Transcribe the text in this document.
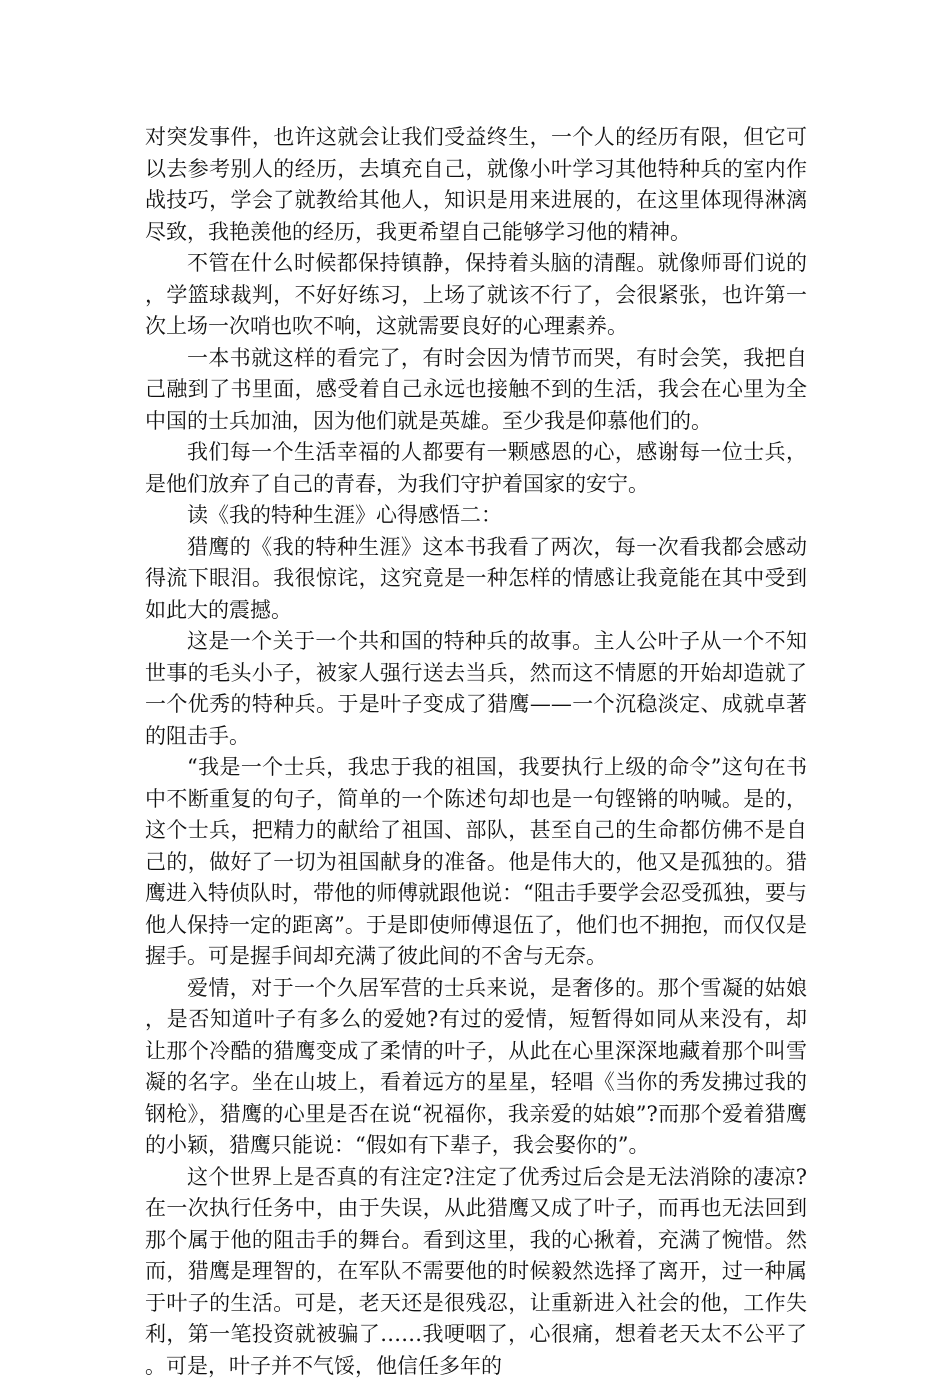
对突发事件，也许这就会让我们受益终生，一个人的经历有限，但它可以去参考别人的经历，去填充自己，就像小叶学习其他特种兵的室内作战技巧，学会了就教给其他人，知识是用来进展的，在这里体现得淋漓尽致，我艳羡他的经历，我更希望自己能够学习他的精神。

不管在什么时候都保持镇静，保持着头脑的清醒。就像师哥们说的，学篮球裁判，不好好练习，上场了就该不行了，会很紧张，也许第一次上场一次哨也吹不响，这就需要良好的心理素养。

一本书就这样的看完了，有时会因为情节而哭，有时会笑，我把自己融到了书里面，感受着自己永远也接触不到的生活，我会在心里为全中国的士兵加油，因为他们就是英雄。至少我是仰慕他们的。

我们每一个生活幸福的人都要有一颗感恩的心，感谢每一位士兵，是他们放弃了自己的青春，为我们守护着国家的安宁。

读《我的特种生涯》心得感悟二：

猎鹰的《我的特种生涯》这本书我看了两次，每一次看我都会感动得流下眼泪。我很惊诧，这究竟是一种怎样的情感让我竟能在其中受到如此大的震撼。

这是一个关于一个共和国的特种兵的故事。主人公叶子从一个不知世事的毛头小子，被家人强行送去当兵，然而这不情愿的开始却造就了一个优秀的特种兵。于是叶子变成了猎鹰——一个沉稳淡定、成就卓著的阻击手。

“我是一个士兵，我忠于我的祖国，我要执行上级的命令”这句在书中不断重复的句子，简单的一个陈述句却也是一句铿锵的呐喊。是的，这个士兵，把精力的献给了祖国、部队，甚至自己的生命都仿佛不是自己的，做好了一切为祖国献身的准备。他是伟大的，他又是孤独的。猎鹰进入特侦队时，带他的师傅就跟他说：“阻击手要学会忍受孤独，要与他人保持一定的距离”。于是即使师傅退伍了，他们也不拥抱，而仅仅是握手。可是握手间却充满了彼此间的不舍与无奈。

爱情，对于一个久居军营的士兵来说，是奢侈的。那个雪凝的姑娘，是否知道叶子有多么的爱她?有过的爱情，短暂得如同从来没有，却让那个冷酷的猎鹰变成了柔情的叶子，从此在心里深深地藏着那个叫雪凝的名字。坐在山坡上，看着远方的星星，轻唱《当你的秀发拂过我的钢枪》，猎鹰的心里是否在说“祝福你，我亲爱的姑娘”?而那个爱着猎鹰的小颖，猎鹰只能说：“假如有下辈子，我会娶你的”。

这个世界上是否真的有注定?注定了优秀过后会是无法消除的凄凉?在一次执行任务中，由于失误，从此猎鹰又成了叶子，而再也无法回到那个属于他的阻击手的舞台。看到这里，我的心揪着，充满了惋惜。然而，猎鹰是理智的，在军队不需要他的时候毅然选择了离开，过一种属于叶子的生活。可是，老天还是很残忍，让重新进入社会的他，工作失利，第一笔投资就被骗了……我哽咽了，心很痛，想着老天太不公平了。可是，叶子并不气馁，他信任多年的
